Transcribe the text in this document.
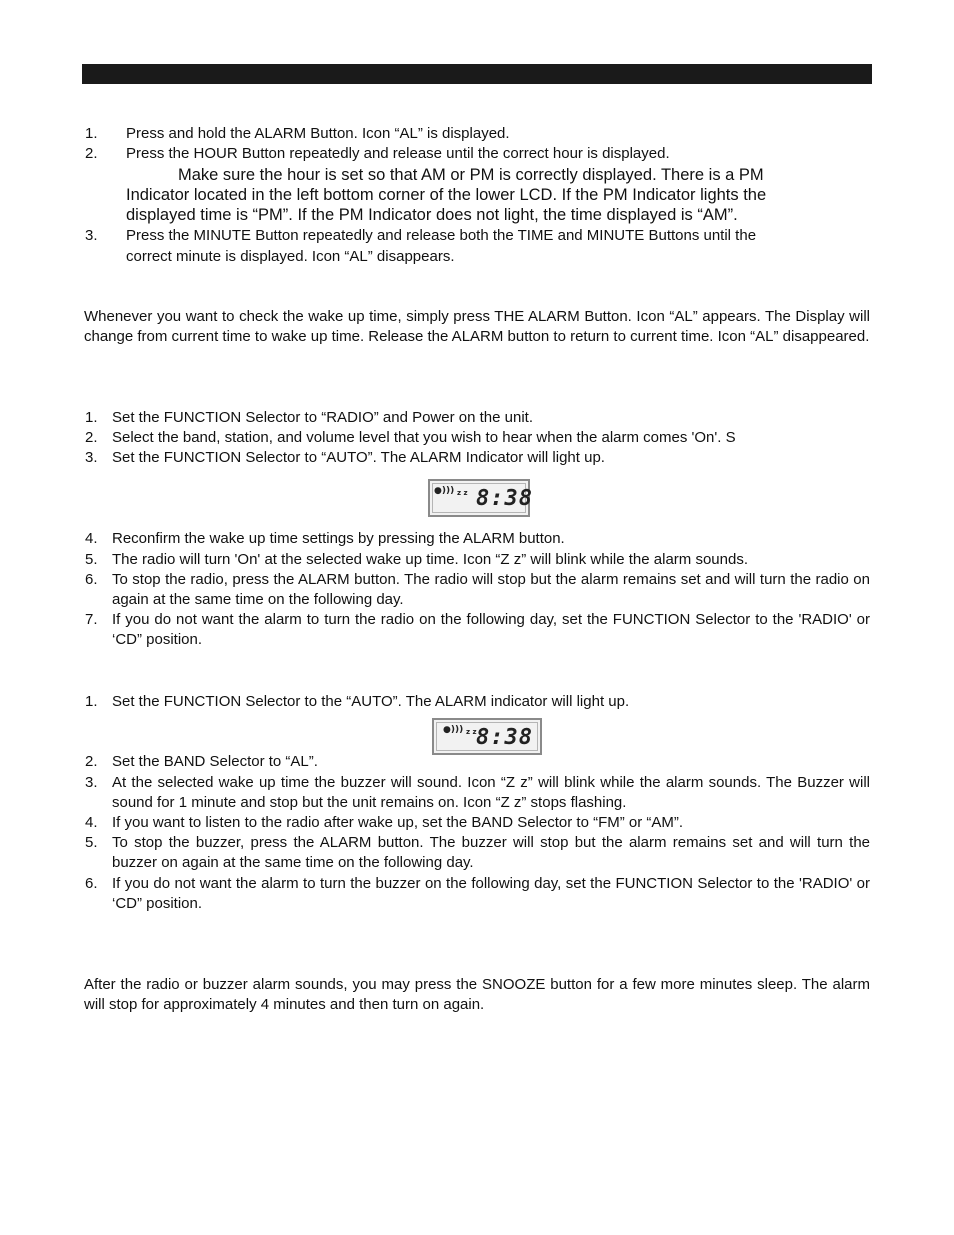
1. Press and hold the ALARM Button. Icon “AL” is displayed.
2. Press the HOUR Button repeatedly and release until the correct hour is displayed.
Make sure the hour is set so that AM or PM is correctly displayed. There is a PM
Indicator located in the left bottom corner of the lower LCD. If the PM Indicator lights the
displayed time is “PM”. If the PM Indicator does not light, the time displayed is “AM”.
3. Press the MINUTE Button repeatedly and release both the TIME and MINUTE Buttons until the
correct minute is displayed. Icon “AL” disappears.
Whenever you want to check the wake up time, simply press THE ALARM Button. Icon “AL” appears. The Display will change from current time to wake up time. Release the ALARM button to return to current time. Icon “AL” disappeared.
1. Set the FUNCTION Selector to “RADIO” and Power on the unit.
2. Select the band, station, and volume level that you wish to hear when the alarm comes 'On'. S
3. Set the FUNCTION Selector to “AUTO”. The ALARM Indicator will light up.
●))) z z 8:38
4. Reconfirm the wake up time settings by pressing the ALARM button.
5. The radio will turn 'On' at the selected wake up time. Icon “Z z” will blink while the alarm sounds.
6. To stop the radio, press the ALARM button. The radio will stop but the alarm remains set and will turn the radio on again at the same time on the following day.
7. If you do not want the alarm to turn the radio on the following day, set the FUNCTION Selector to the 'RADIO' or ‘CD” position.
1. Set the FUNCTION Selector to the “AUTO”. The ALARM indicator will light up.
●))) z z 8:38
2. Set the BAND Selector to “AL”.
3. At the selected wake up time the buzzer will sound. Icon “Z z” will blink while the alarm sounds. The Buzzer will sound for 1 minute and stop but the unit remains on. Icon “Z z” stops flashing.
4. If you want to listen to the radio after wake up, set the BAND Selector to “FM” or “AM”.
5. To stop the buzzer, press the ALARM button. The buzzer will stop but the alarm remains set and will turn the buzzer on again at the same time on the following day.
6. If you do not want the alarm to turn the buzzer on the following day, set the FUNCTION Selector to the 'RADIO' or ‘CD” position.
After the radio or buzzer alarm sounds, you may press the SNOOZE button for a few more minutes sleep. The alarm will stop for approximately 4 minutes and then turn on again.
